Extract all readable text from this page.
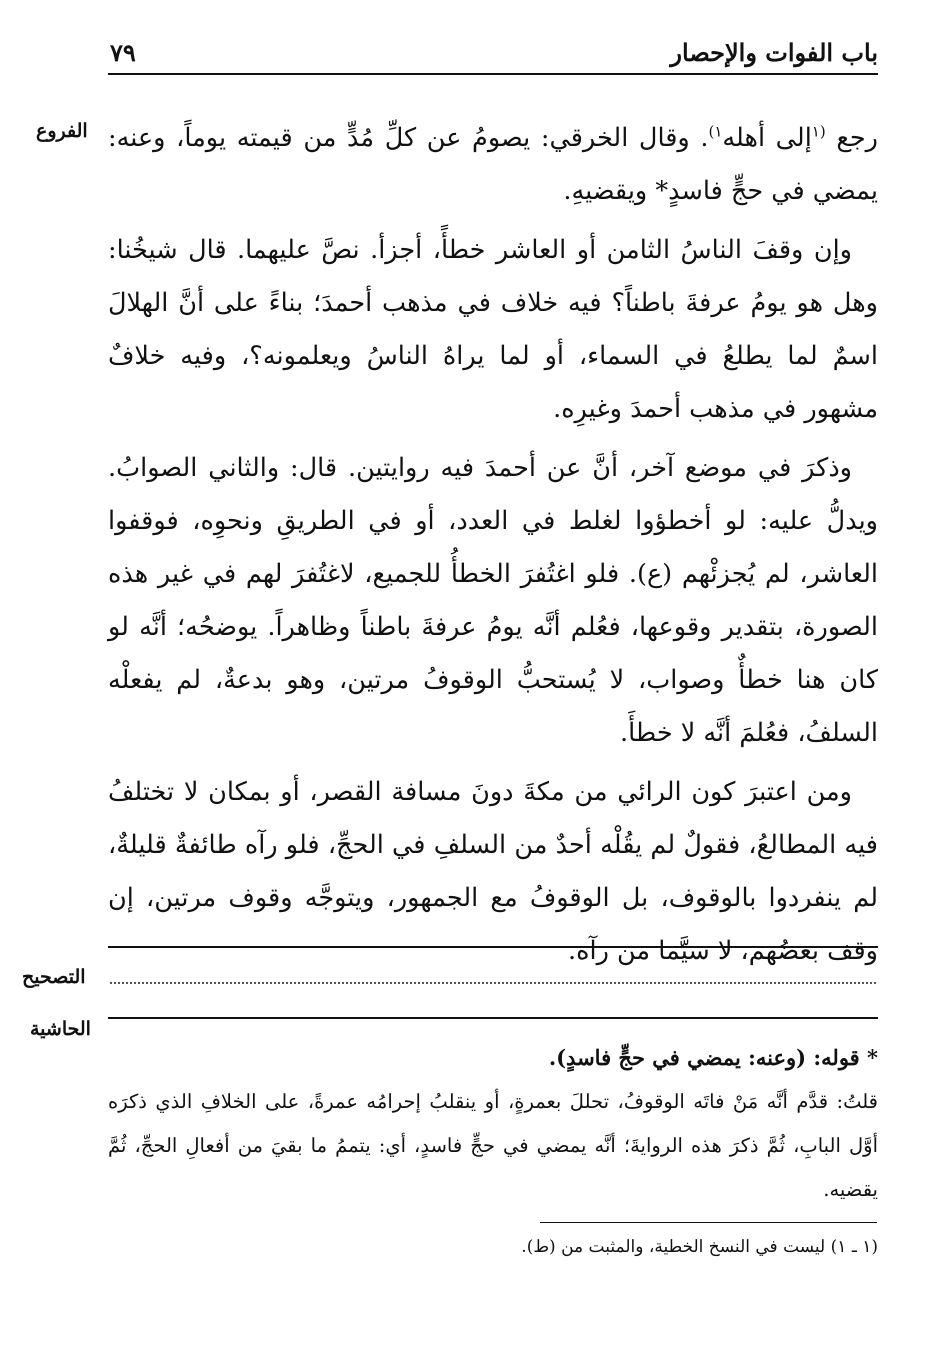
باب الفوات والإحصار
٧٩
الفروع	رجع $^{(١}$إلى أهله$^{١)}$. وقال الخرقي: يصومُ عن كلِّ مُدٍّ من قيمته يوماً، وعنه: يمضي في حجٍّ فاسدٍ* ويقضيهِ.

وإن وقفَ الناسُ الثامن أو العاشر خطأً، أجزأ. نصَّ عليهما. قال شيخُنا: وهل هو يومُ عرفةَ باطناً؟ فيه خلاف في مذهب أحمدَ؛ بناءً على أنَّ الهلالَ اسمٌ لما يطلعُ في السماء، أو لما يراهُ الناسُ ويعلمونه؟، وفيه خلافٌ مشهور في مذهب أحمدَ وغيرِه.

وذكرَ في موضع آخر، أنَّ عن أحمدَ فيه روايتين. قال: والثاني الصوابُ. ويدلُّ عليه: لو أخطؤوا لغلط في العدد، أو في الطريقِ ونحوِه، فوقفوا العاشر، لم يُجزئْهم (ع). فلو اغتُفرَ الخطأُ للجميع، لاغتُفرَ لهم في غير هذه الصورة، بتقدير وقوعها، فعُلم أنَّه يومُ عرفةَ باطناً وظاهراً. يوضحُه؛ أنَّه لو كان هنا خطأٌ وصواب، لا يُستحبُّ الوقوفُ مرتين، وهو بدعةٌ، لم يفعلْه السلفُ، فعُلمَ أنَّه لا خطأَ.

ومن اعتبرَ كون الرائي من مكةَ دونَ مسافة القصر، أو بمكان لا تختلفُ فيه المطالعُ، فقولٌ لم يقُلْه أحدٌ من السلفِ في الحجِّ، فلو رآه طائفةٌ قليلةٌ، لم ينفردوا بالوقوف، بل الوقوفُ مع الجمهور، ويتوجَّه وقوف مرتين، إن وقف بعضُهم، لا سيَّما من رآه.

التصحيح
الحاشية

* قوله: (وعنه: يمضي في حجٍّ فاسدٍ).

قلتُ: قدَّم أنَّه مَنْ فاتَه الوقوفُ، تحللَ بعمرةٍ، أو ينقلبُ إحرامُه عمرةً، على الخلافِ الذي ذكرَه أوَّل البابِ، ثُمَّ ذكرَ هذه الروايةَ؛ أنَّه يمضي في حجٍّ فاسدٍ، أي: يتممُ ما بقيَ من أفعالِ الحجِّ، ثُمَّ يقضيه.

(١ ـ ١) ليست في النسخ الخطية، والمثبت من (ط).
